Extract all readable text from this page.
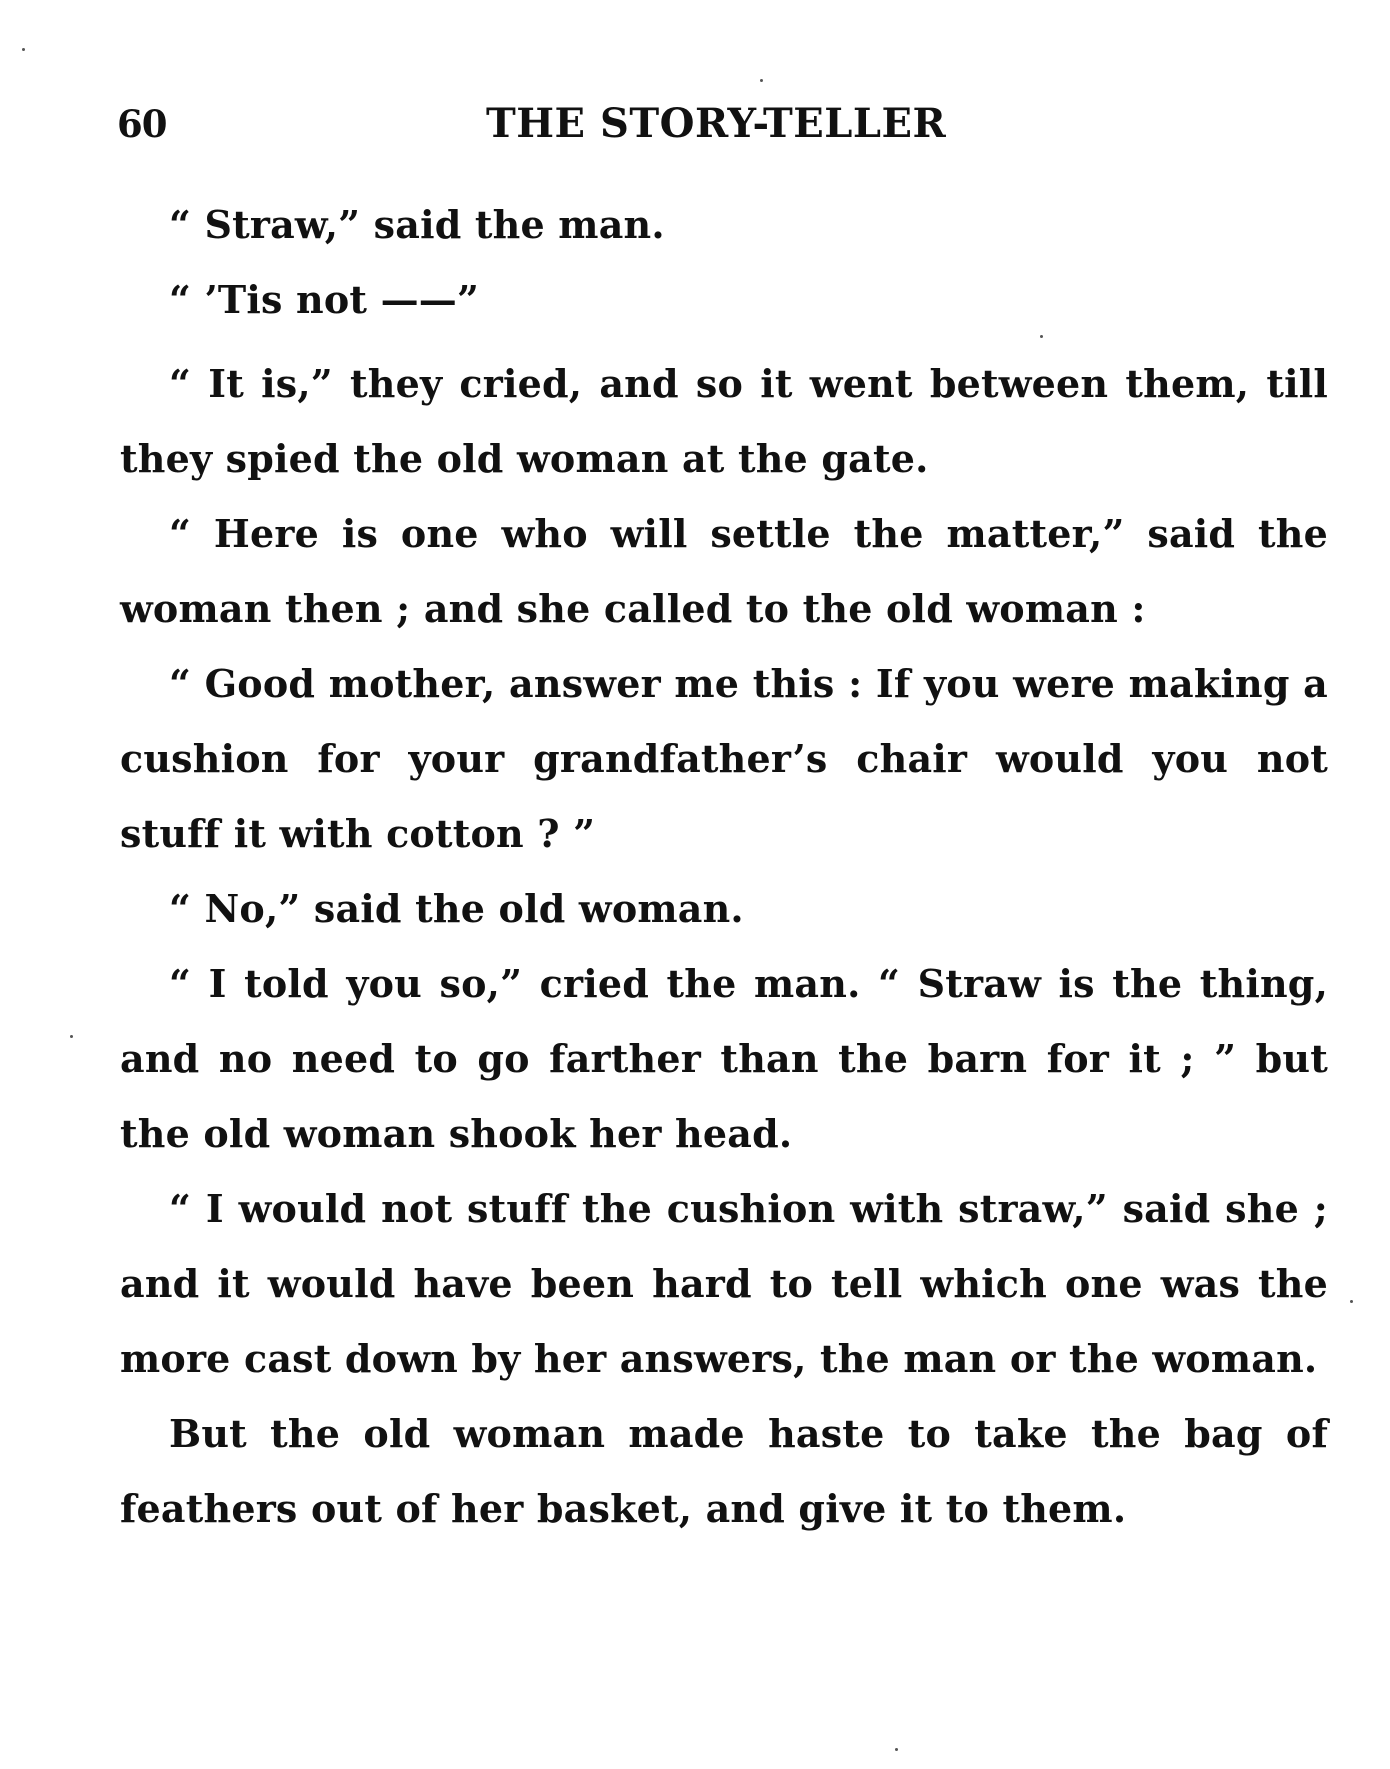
60	THE STORY-TELLER

“ Straw,” said the man.

“ ’Tis not ——”

“ It is,” they cried, and so it went between them, till they spied the old woman at the gate.

“ Here is one who will settle the matter,” said the woman then ; and she called to the old woman :

“ Good mother, answer me this : If you were making a cushion for your grandfather’s chair would you not stuff it with cotton ? ”

“ No,” said the old woman.

“ I told you so,” cried the man. “ Straw is the thing, and no need to go farther than the barn for it ; ” but the old woman shook her head.

“ I would not stuff the cushion with straw,” said she ; and it would have been hard to tell which one was the more cast down by her answers, the man or the woman.

But the old woman made haste to take the bag of feathers out of her basket, and give it to them.
